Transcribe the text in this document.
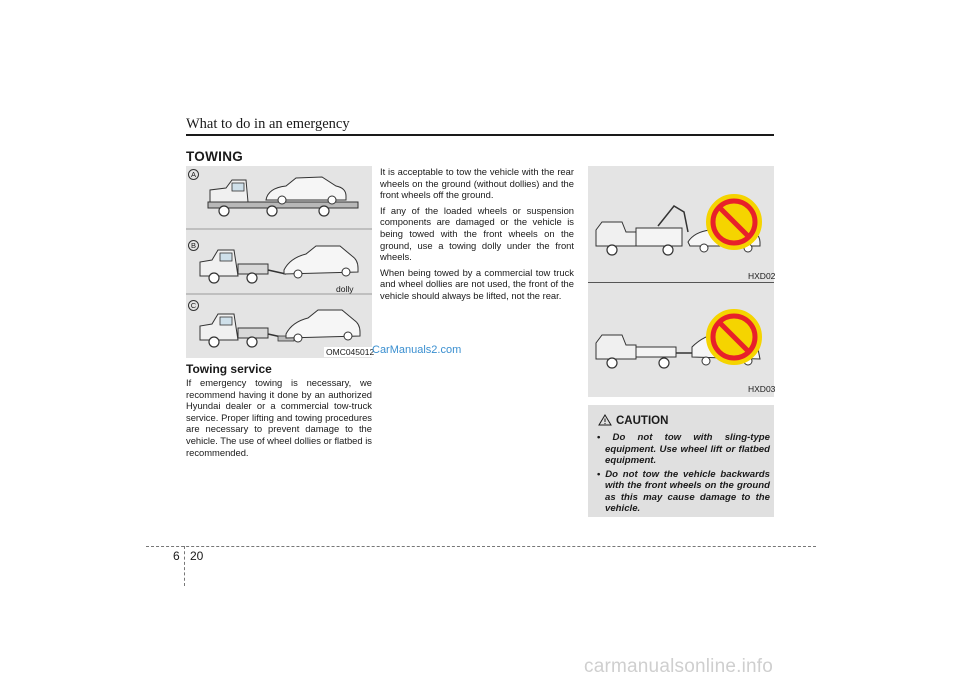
What to do in an emergency
TOWING
A
B
C
dolly
OMC045012
Towing service

If emergency towing is necessary, we recommend having it done by an authorized Hyundai dealer or a commercial tow-truck service. Proper lifting and towing procedures are necessary to prevent damage to the vehicle. The use of wheel dollies or flatbed is recommended.

It is acceptable to tow the vehicle with the rear wheels on the ground (without dollies) and the front wheels off the ground.

If any of the loaded wheels or suspension components are damaged or the vehicle is being towed with the front wheels on the ground, use a towing dolly under the front wheels.

When being towed by a commercial tow truck and wheel dollies are not used, the front of the vehicle should always be lifted, not the rear.

CarManuals2.com
HXD02
HXD03
CAUTION
• Do not tow with sling-type equipment. Use wheel lift or flatbed equipment.
• Do not tow the vehicle backwards with the front wheels on the ground as this may cause damage to the vehicle.
6 20
carmanualsonline.info
